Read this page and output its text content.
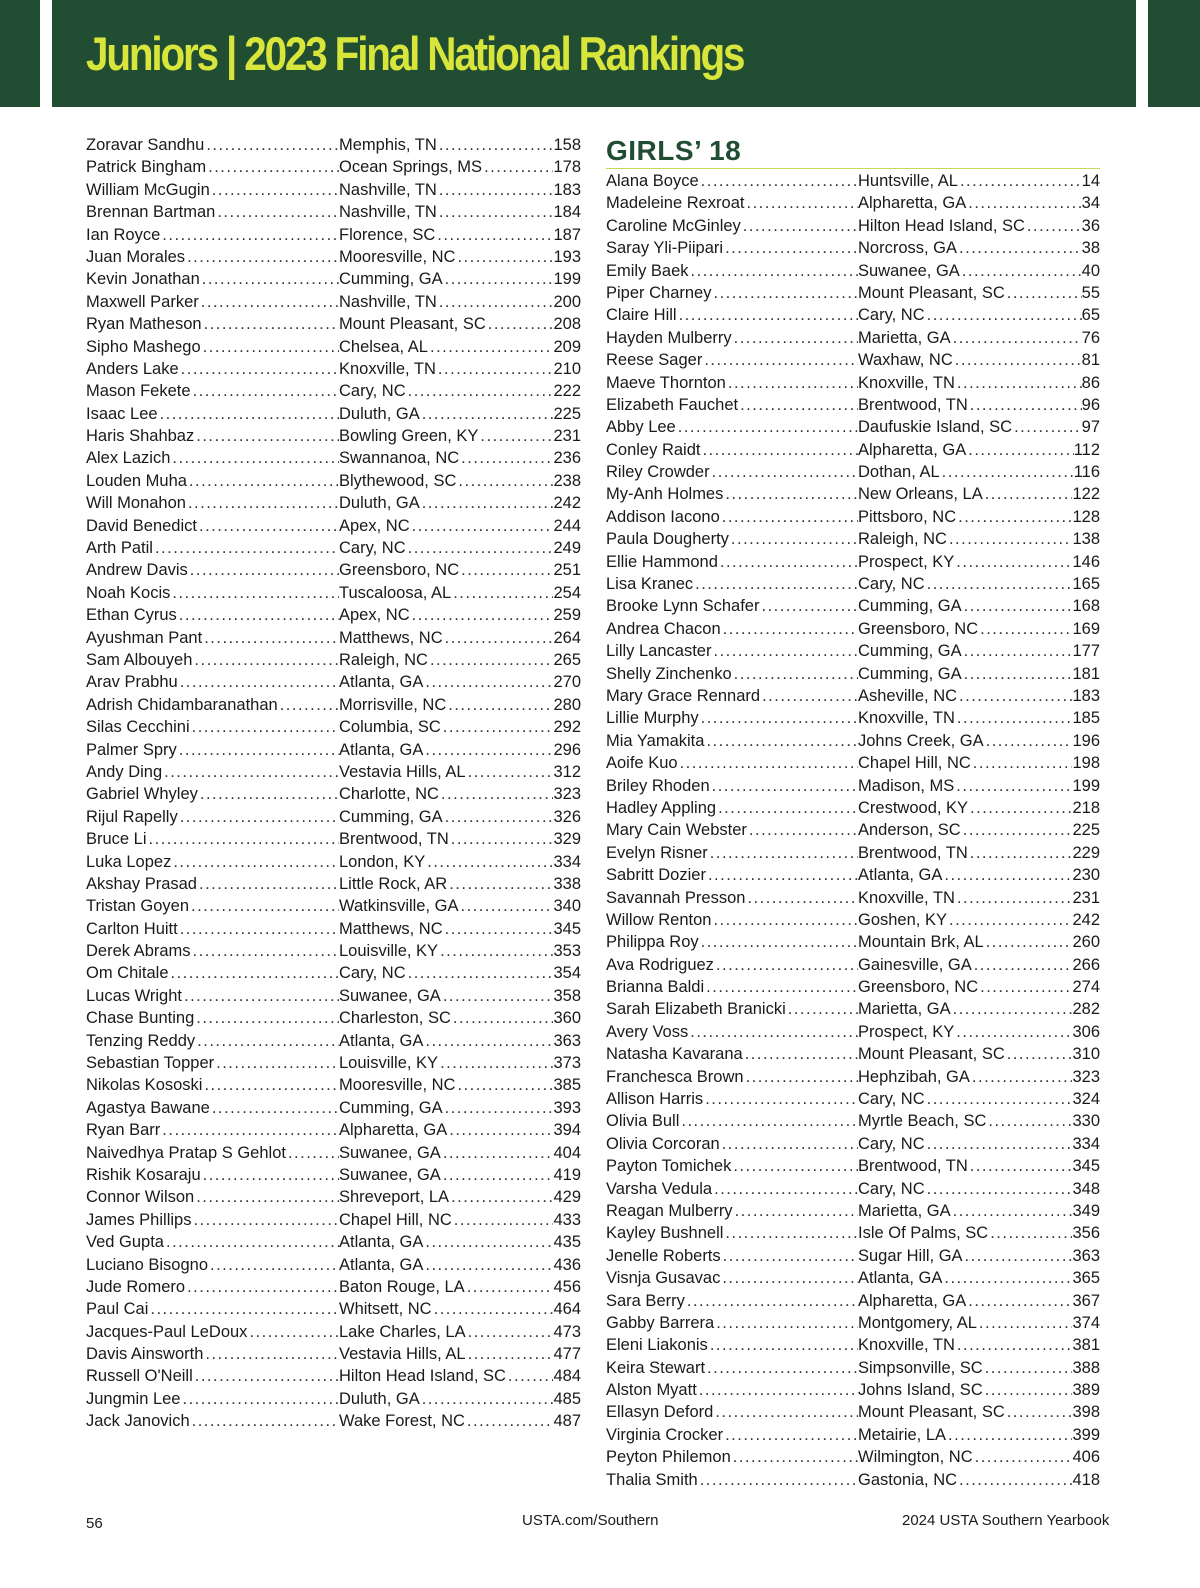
Juniors | 2023 Final National Rankings
Zoravar Sandhu .....	Memphis, TN .....	158
Patrick Bingham .....	Ocean Springs, MS .....	178
William McGugin .....	Nashville, TN .....	183
Brennan Bartman .....	Nashville, TN .....	184
Ian Royce .....	Florence, SC .....	187
Juan Morales .....	Mooresville, NC .....	193
Kevin Jonathan .....	Cumming, GA .....	199
Maxwell Parker .....	Nashville, TN .....	200
Ryan Matheson .....	Mount Pleasant, SC .....	208
Sipho Mashego .....	Chelsea, AL .....	209
Anders Lake .....	Knoxville, TN .....	210
Mason Fekete .....	Cary, NC .....	222
Isaac Lee .....	Duluth, GA .....	225
Haris Shahbaz .....	Bowling Green, KY .....	231
Alex Lazich .....	Swannanoa, NC .....	236
Louden Muha .....	Blythewood, SC .....	238
Will Monahon .....	Duluth, GA .....	242
David Benedict .....	Apex, NC .....	244
Arth Patil .....	Cary, NC .....	249
Andrew Davis .....	Greensboro, NC .....	251
Noah Kocis .....	Tuscaloosa, AL .....	254
Ethan Cyrus .....	Apex, NC .....	259
Ayushman Pant .....	Matthews, NC .....	264
Sam Albouyeh .....	Raleigh, NC .....	265
Arav Prabhu .....	Atlanta, GA .....	270
Adrish Chidambaranathan .....	Morrisville, NC .....	280
Silas Cecchini .....	Columbia, SC .....	292
Palmer Spry .....	Atlanta, GA .....	296
Andy Ding .....	Vestavia Hills, AL .....	312
Gabriel Whyley .....	Charlotte, NC .....	323
Rijul Rapelly .....	Cumming, GA .....	326
Bruce Li .....	Brentwood, TN .....	329
Luka Lopez .....	London, KY .....	334
Akshay Prasad .....	Little Rock, AR .....	338
Tristan Goyen .....	Watkinsville, GA .....	340
Carlton Huitt .....	Matthews, NC .....	345
Derek Abrams .....	Louisville, KY .....	353
Om Chitale .....	Cary, NC .....	354
Lucas Wright .....	Suwanee, GA .....	358
Chase Bunting .....	Charleston, SC .....	360
Tenzing Reddy .....	Atlanta, GA .....	363
Sebastian Topper .....	Louisville, KY .....	373
Nikolas Kososki .....	Mooresville, NC .....	385
Agastya Bawane .....	Cumming, GA .....	393
Ryan Barr .....	Alpharetta, GA .....	394
Naivedhya Pratap S Gehlot .....	Suwanee, GA .....	404
Rishik Kosaraju .....	Suwanee, GA .....	419
Connor Wilson .....	Shreveport, LA .....	429
James Phillips .....	Chapel Hill, NC .....	433
Ved Gupta .....	Atlanta, GA .....	435
Luciano Bisogno .....	Atlanta, GA .....	436
Jude Romero .....	Baton Rouge, LA .....	456
Paul Cai .....	Whitsett, NC .....	464
Jacques-Paul LeDoux .....	Lake Charles, LA .....	473
Davis Ainsworth .....	Vestavia Hills, AL .....	477
Russell O'Neill .....	Hilton Head Island, SC .....	484
Jungmin Lee .....	Duluth, GA .....	485
Jack Janovich .....	Wake Forest, NC .....	487
GIRLS’ 18
Alana Boyce .....	Huntsville, AL .....	14
Madeleine Rexroat .....	Alpharetta, GA .....	34
Caroline McGinley .....	Hilton Head Island, SC .....	36
Saray Yli-Piipari .....	Norcross, GA .....	38
Emily Baek .....	Suwanee, GA .....	40
Piper Charney .....	Mount Pleasant, SC .....	55
Claire Hill .....	Cary, NC .....	65
Hayden Mulberry .....	Marietta, GA .....	76
Reese Sager .....	Waxhaw, NC .....	81
Maeve Thornton .....	Knoxville, TN .....	86
Elizabeth Fauchet .....	Brentwood, TN .....	96
Abby Lee .....	Daufuskie Island, SC .....	97
Conley Raidt .....	Alpharetta, GA .....	112
Riley Crowder .....	Dothan, AL .....	116
My-Anh Holmes .....	New Orleans, LA .....	122
Addison Iacono .....	Pittsboro, NC .....	128
Paula Dougherty .....	Raleigh, NC .....	138
Ellie Hammond .....	Prospect, KY .....	146
Lisa Kranec .....	Cary, NC .....	165
Brooke Lynn Schafer .....	Cumming, GA .....	168
Andrea Chacon .....	Greensboro, NC .....	169
Lilly Lancaster .....	Cumming, GA .....	177
Shelly Zinchenko .....	Cumming, GA .....	181
Mary Grace Rennard .....	Asheville, NC .....	183
Lillie Murphy .....	Knoxville, TN .....	185
Mia Yamakita .....	Johns Creek, GA .....	196
Aoife Kuo .....	Chapel Hill, NC .....	198
Briley Rhoden .....	Madison, MS .....	199
Hadley Appling .....	Crestwood, KY .....	218
Mary Cain Webster .....	Anderson, SC .....	225
Evelyn Risner .....	Brentwood, TN .....	229
Sabritt Dozier .....	Atlanta, GA .....	230
Savannah Presson .....	Knoxville, TN .....	231
Willow Renton .....	Goshen, KY .....	242
Philippa Roy .....	Mountain Brk, AL .....	260
Ava Rodriguez .....	Gainesville, GA .....	266
Brianna Baldi .....	Greensboro, NC .....	274
Sarah Elizabeth Branicki .....	Marietta, GA .....	282
Avery Voss .....	Prospect, KY .....	306
Natasha Kavarana .....	Mount Pleasant, SC .....	310
Franchesca Brown .....	Hephzibah, GA .....	323
Allison Harris .....	Cary, NC .....	324
Olivia Bull .....	Myrtle Beach, SC .....	330
Olivia Corcoran .....	Cary, NC .....	334
Payton Tomichek .....	Brentwood, TN .....	345
Varsha Vedula .....	Cary, NC .....	348
Reagan Mulberry .....	Marietta, GA .....	349
Kayley Bushnell .....	Isle Of Palms, SC .....	356
Jenelle Roberts .....	Sugar Hill, GA .....	363
Visnja Gusavac .....	Atlanta, GA .....	365
Sara Berry .....	Alpharetta, GA .....	367
Gabby Barrera .....	Montgomery, AL .....	374
Eleni Liakonis .....	Knoxville, TN .....	381
Keira Stewart .....	Simpsonville, SC .....	388
Alston Myatt .....	Johns Island, SC .....	389
Ellasyn Deford .....	Mount Pleasant, SC .....	398
Virginia Crocker .....	Metairie, LA .....	399
Peyton Philemon .....	Wilmington, NC .....	406
Thalia Smith .....	Gastonia, NC .....	418
56	USTA.com/Southern	2024 USTA Southern Yearbook
